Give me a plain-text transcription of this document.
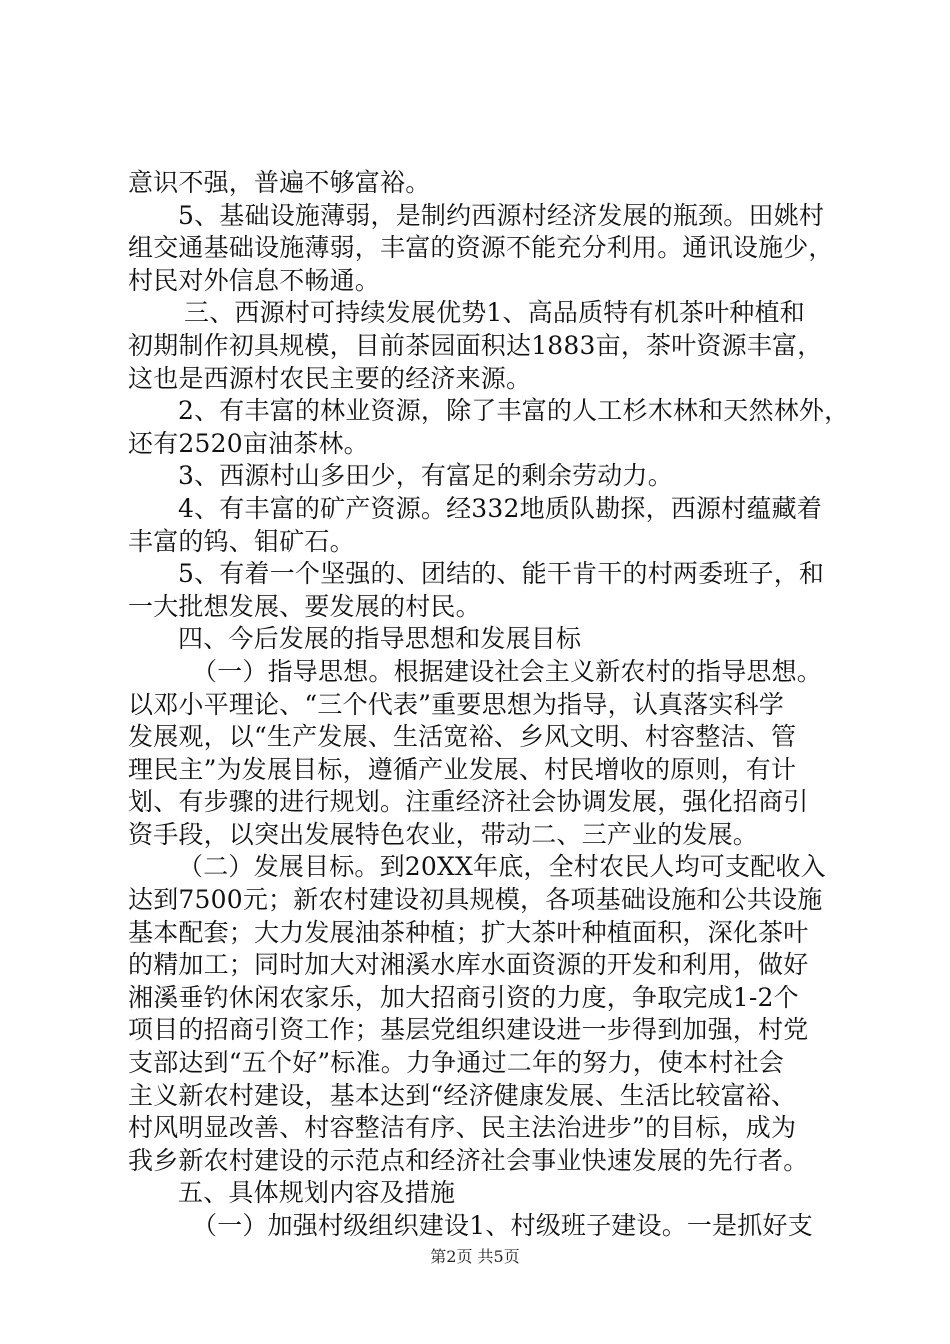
意识不强，普遍不够富裕。
5、基础设施薄弱，是制约西源村经济发展的瓶颈。田姚村
组交通基础设施薄弱，丰富的资源不能充分利用。通讯设施少，
村民对外信息不畅通。
三、西源村可持续发展优势1、高品质特有机茶叶种植和
初期制作初具规模，目前茶园面积达1883亩，茶叶资源丰富，
这也是西源村农民主要的经济来源。
2、有丰富的林业资源，除了丰富的人工杉木林和天然林外，
还有2520亩油茶林。
3、西源村山多田少，有富足的剩余劳动力。
4、有丰富的矿产资源。经332地质队勘探，西源村蕴藏着
丰富的钨、钼矿石。
5、有着一个坚强的、团结的、能干肯干的村两委班子，和
一大批想发展、要发展的村民。
四、今后发展的指导思想和发展目标
（一）指导思想。根据建设社会主义新农村的指导思想。
以邓小平理论、“三个代表”重要思想为指导，认真落实科学
发展观，以“生产发展、生活宽裕、乡风文明、村容整洁、管
理民主”为发展目标，遵循产业发展、村民增收的原则，有计
划、有步骤的进行规划。注重经济社会协调发展，强化招商引
资手段，以突出发展特色农业，带动二、三产业的发展。
（二）发展目标。到20XX年底，全村农民人均可支配收入
达到7500元；新农村建设初具规模，各项基础设施和公共设施
基本配套；大力发展油茶种植；扩大茶叶种植面积，深化茶叶
的精加工；同时加大对湘溪水库水面资源的开发和利用，做好
湘溪垂钓休闲农家乐，加大招商引资的力度，争取完成1-2个
项目的招商引资工作；基层党组织建设进一步得到加强，村党
支部达到“五个好”标准。力争通过二年的努力，使本村社会
主义新农村建设，基本达到“经济健康发展、生活比较富裕、
村风明显改善、村容整洁有序、民主法治进步”的目标，成为
我乡新农村建设的示范点和经济社会事业快速发展的先行者。
五、具体规划内容及措施
（一）加强村级组织建设1、村级班子建设。一是抓好支
第2页 共5页
